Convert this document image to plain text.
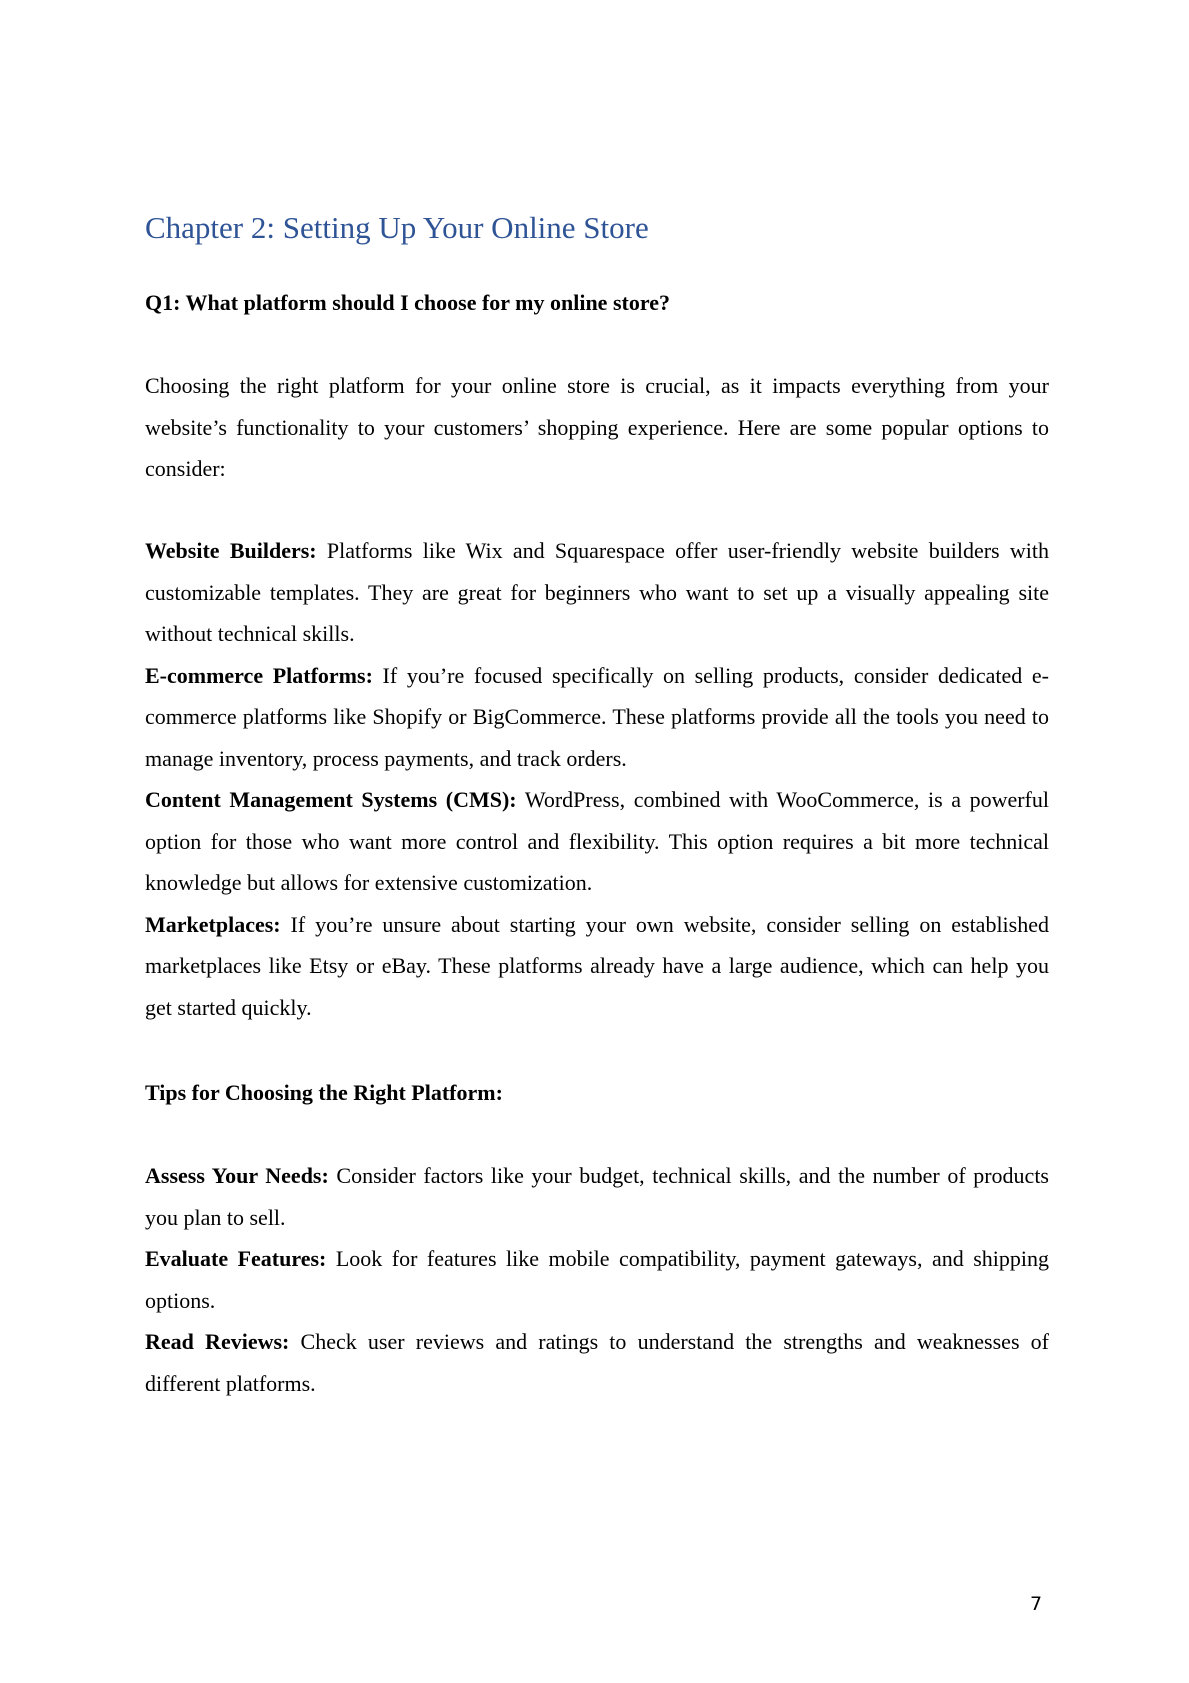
Chapter 2: Setting Up Your Online Store

Q1: What platform should I choose for my online store?

Choosing the right platform for your online store is crucial, as it impacts everything from your website’s functionality to your customers’ shopping experience. Here are some popular options to consider:

Website Builders: Platforms like Wix and Squarespace offer user-friendly website builders with customizable templates. They are great for beginners who want to set up a visually appealing site without technical skills.

E-commerce Platforms: If you’re focused specifically on selling products, consider dedicated e-commerce platforms like Shopify or BigCommerce. These platforms provide all the tools you need to manage inventory, process payments, and track orders.

Content Management Systems (CMS): WordPress, combined with WooCommerce, is a powerful option for those who want more control and flexibility. This option requires a bit more technical knowledge but allows for extensive customization.

Marketplaces: If you’re unsure about starting your own website, consider selling on established marketplaces like Etsy or eBay. These platforms already have a large audience, which can help you get started quickly.

Tips for Choosing the Right Platform:

Assess Your Needs: Consider factors like your budget, technical skills, and the number of products you plan to sell.

Evaluate Features: Look for features like mobile compatibility, payment gateways, and shipping options.

Read Reviews: Check user reviews and ratings to understand the strengths and weaknesses of different platforms.

7
